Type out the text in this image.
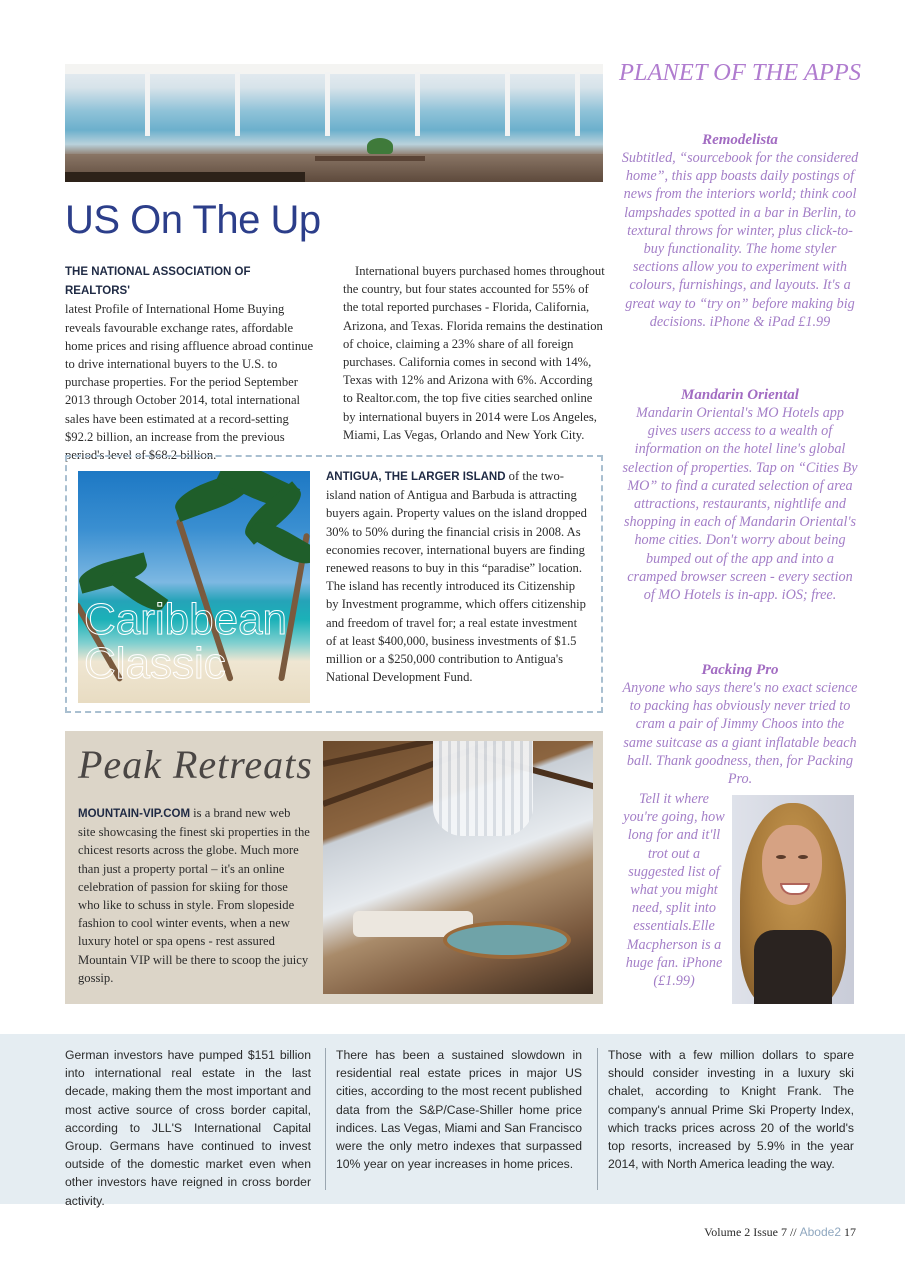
US On The Up
THE NATIONAL ASSOCIATION OF REALTORS'
latest Profile of International Home Buying reveals favourable exchange rates, affordable home prices and rising affluence abroad continue to drive international buyers to the U.S. to purchase properties. For the period September 2013 through October 2014, total international sales have been estimated at a record-setting $92.2 billion, an increase from the previous period's level of $68.2 billion.
International buyers purchased homes throughout the country, but four states accounted for 55% of the total reported purchases - Florida, California, Arizona, and Texas. Florida remains the destination of choice, claiming a 23% share of all foreign purchases. California comes in second with 14%, Texas with 12% and Arizona with 6%. According to Realtor.com, the top five cities searched online by international buyers in 2014 were Los Angeles, Miami, Las Vegas, Orlando and New York City.
Caribbean
Classic
ANTIGUA, THE LARGER ISLAND of the two-island nation of Antigua and Barbuda is attracting buyers again. Property values on the island dropped 30% to 50% during the financial crisis in 2008. As economies recover, international buyers are finding renewed reasons to buy in this “paradise” location. The island has recently introduced its Citizenship by Investment programme, which offers citizenship and freedom of travel for; a real estate investment of at least $400,000, business investments of $1.5 million or a $250,000 contribution to Antigua's National Development Fund.
Peak Retreats
MOUNTAIN-VIP.COM is a brand new web site showcasing the finest ski properties in the chicest resorts across the globe. Much more than just a property portal – it's an online celebration of passion for skiing for those who like to schuss in style. From slopeside fashion to cool winter events, when a new luxury hotel or spa opens - rest assured Mountain VIP will be there to scoop the juicy gossip.
PLANET OF THE APPS
Remodelista
Subtitled, “sourcebook for the considered home”, this app boasts daily postings of news from the interiors world; think cool lampshades spotted in a bar in Berlin, to textural throws for winter, plus click-to-buy functionality. The home styler sections allow you to experiment with colours, furnishings, and layouts. It's a great way to “try on” before making big decisions. iPhone & iPad £1.99
Mandarin Oriental
Mandarin Oriental's MO Hotels app gives users access to a wealth of information on the hotel line's global selection of properties. Tap on “Cities By MO” to find a curated selection of area attractions, restaurants, nightlife and shopping in each of Mandarin Oriental's home cities. Don't worry about being bumped out of the app and into a cramped browser screen - every section of MO Hotels is in-app. iOS; free.
Packing Pro
Anyone who says there's no exact science to packing has obviously never tried to cram a pair of Jimmy Choos into the same suitcase as a giant inflatable beach ball. Thank goodness, then, for Packing Pro.
Tell it where you're going, how long for and it'll trot out a suggested list of what you might need, split into essentials.Elle Macpherson is a huge fan. iPhone (£1.99)
German investors have pumped $151 billion into international real estate in the last decade, making them the most important and most active source of cross border capital, according to JLL'S International Capital Group. Germans have continued to invest outside of the domestic market even when other investors have reigned in cross border activity.
There has been a sustained slowdown in residential real estate prices in major US cities, according to the most recent published data from the S&P/Case-Shiller home price indices. Las Vegas, Miami and San Francisco were the only metro indexes that surpassed 10% year on year increases in home prices.
Those with a few million dollars to spare should consider investing in a luxury ski chalet, according to Knight Frank. The company's annual Prime Ski Property Index, which tracks prices across 20 of the world's top resorts, increased by 5.9% in the year 2014, with North America leading the way.
Volume 2 Issue 7 // Abode2 17
